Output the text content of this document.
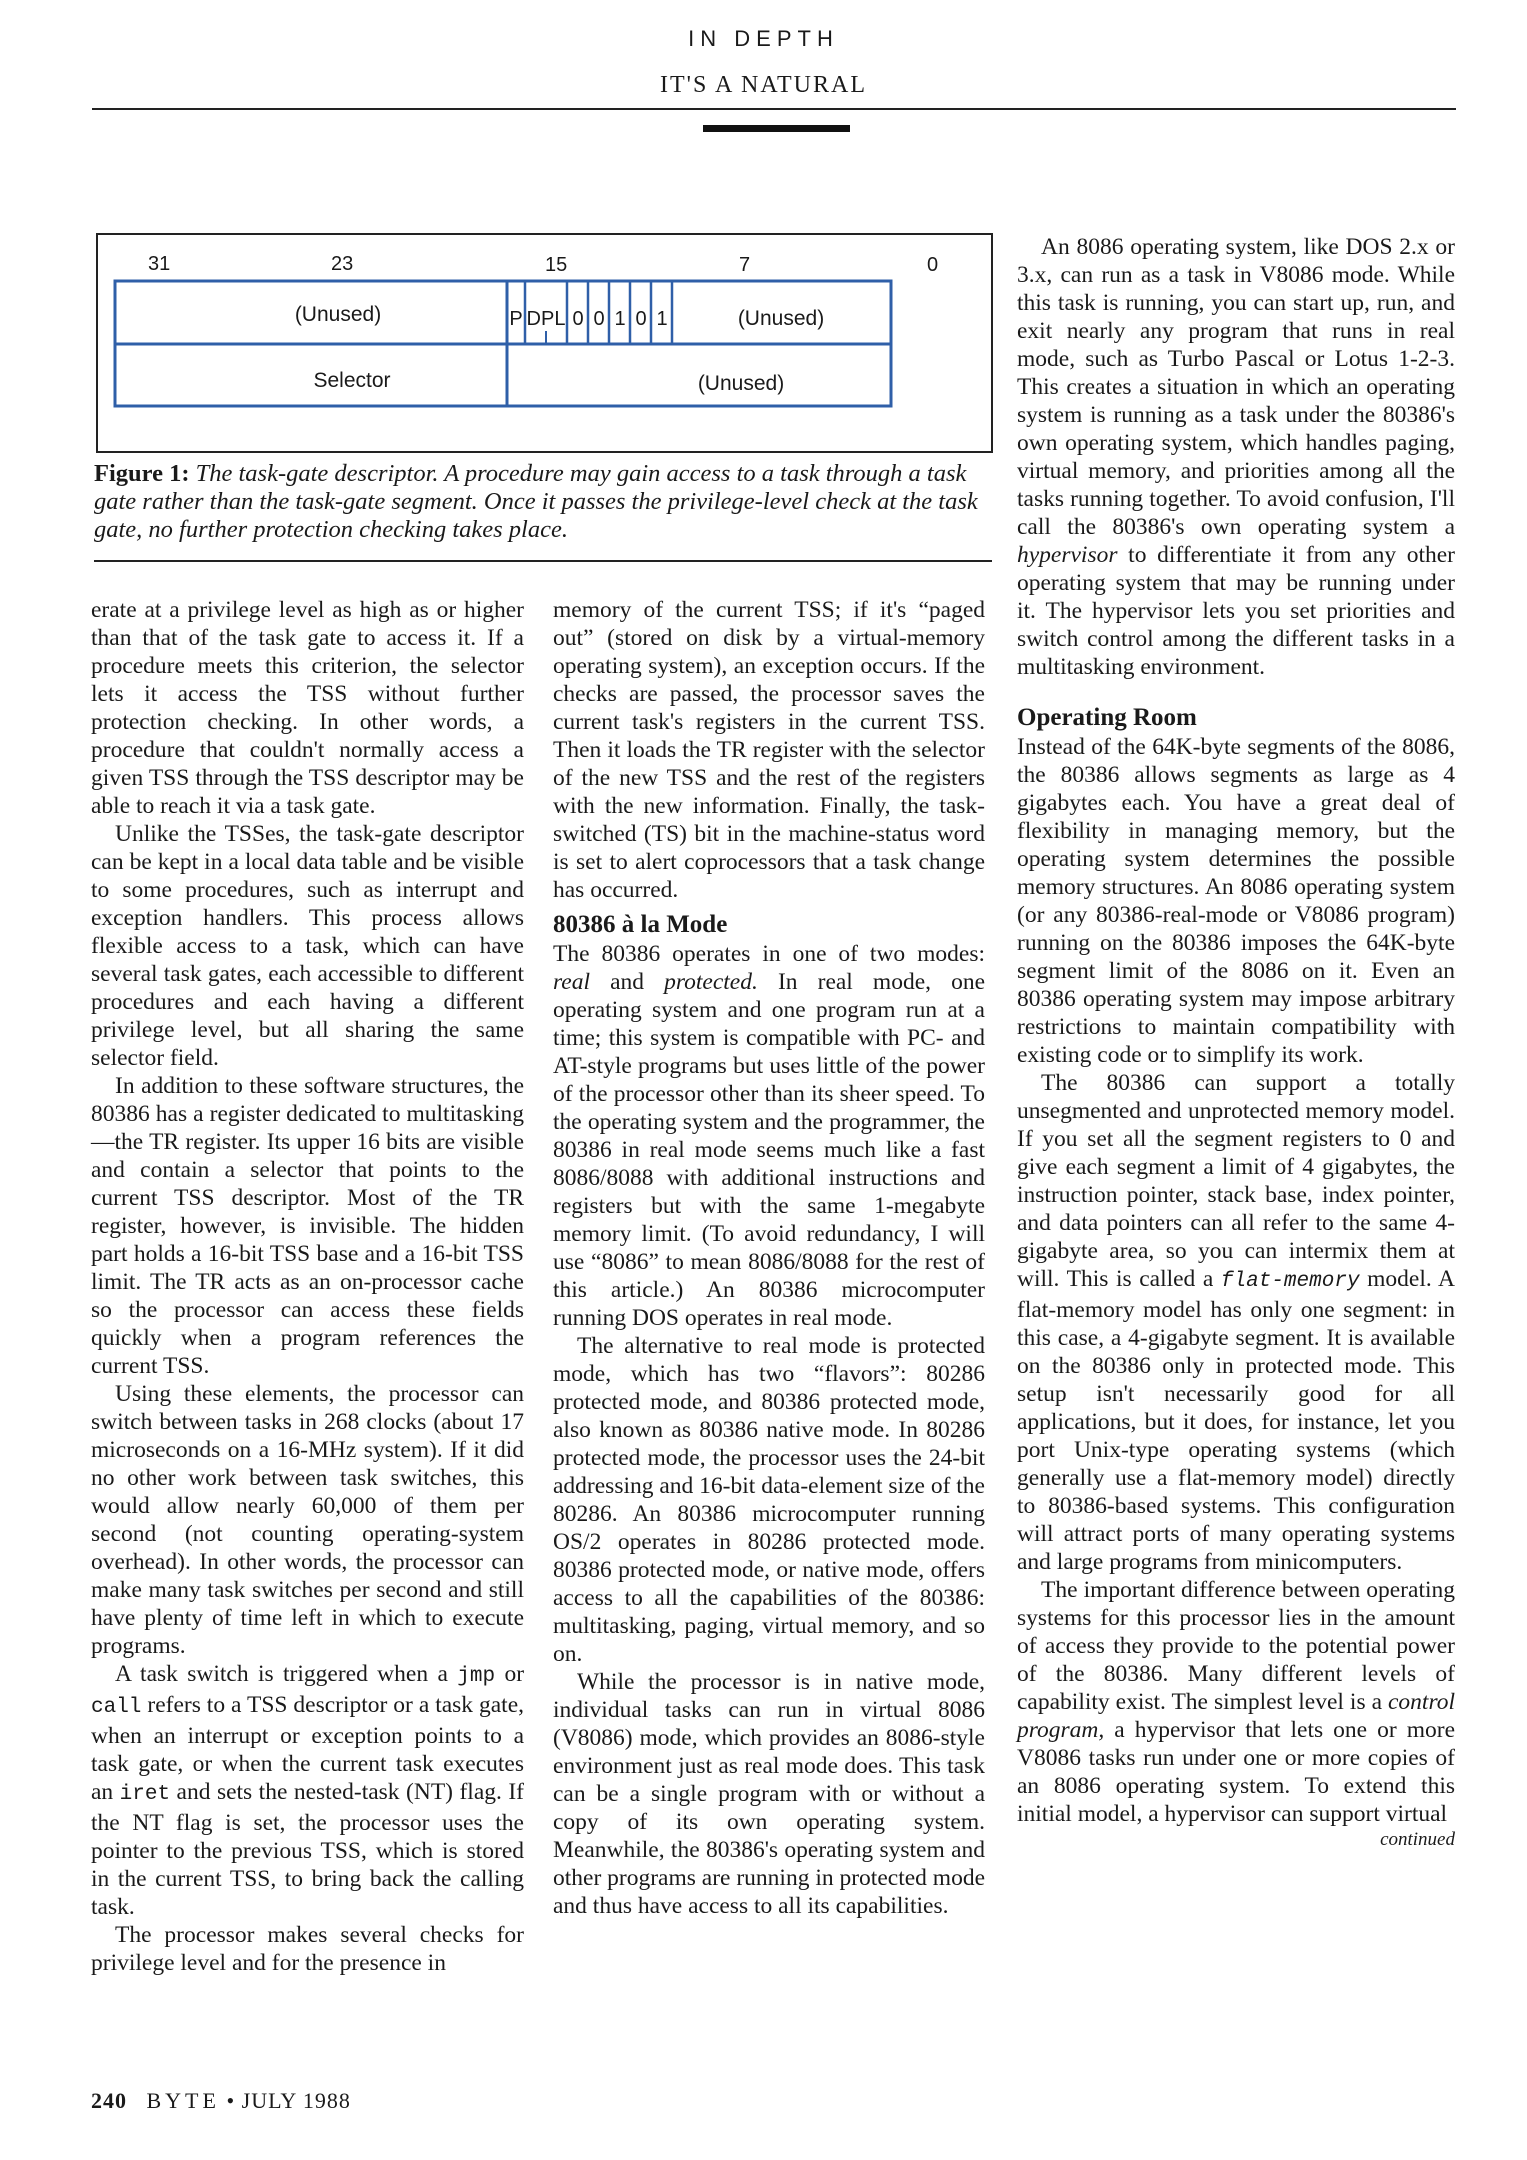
IN DEPTH
IT'S A NATURAL
31	23	15	7	0
(Unused)	P DPL 0 0 1 0 1	(Unused)
Selector	(Unused)
Figure 1: The task-gate descriptor. A procedure may gain access to a task through a task gate rather than the task-gate segment. Once it passes the privilege-level check at the task gate, no further protection checking takes place.

erate at a privilege level as high as or higher than that of the task gate to access it. If a procedure meets this criterion, the selector lets it access the TSS without further protection checking. In other words, a procedure that couldn't normally access a given TSS through the TSS descriptor may be able to reach it via a task gate.

Unlike the TSSes, the task-gate descriptor can be kept in a local data table and be visible to some procedures, such as interrupt and exception handlers. This process allows flexible access to a task, which can have several task gates, each accessible to different procedures and each having a different privilege level, but all sharing the same selector field.

In addition to these software structures, the 80386 has a register dedicated to multitasking—the TR register. Its upper 16 bits are visible and contain a selector that points to the current TSS descriptor. Most of the TR register, however, is invisible. The hidden part holds a 16-bit TSS base and a 16-bit TSS limit. The TR acts as an on-processor cache so the processor can access these fields quickly when a program references the current TSS.

Using these elements, the processor can switch between tasks in 268 clocks (about 17 microseconds on a 16-MHz system). If it did no other work between task switches, this would allow nearly 60,000 of them per second (not counting operating-system overhead). In other words, the processor can make many task switches per second and still have plenty of time left in which to execute programs.

A task switch is triggered when a jmp or call refers to a TSS descriptor or a task gate, when an interrupt or exception points to a task gate, or when the current task executes an iret and sets the nested-task (NT) flag. If the NT flag is set, the processor uses the pointer to the previous TSS, which is stored in the current TSS, to bring back the calling task.

The processor makes several checks for privilege level and for the presence in

memory of the current TSS; if it's “paged out” (stored on disk by a virtual-memory operating system), an exception occurs. If the checks are passed, the processor saves the current task's registers in the current TSS. Then it loads the TR register with the selector of the new TSS and the rest of the registers with the new information. Finally, the task-switched (TS) bit in the machine-status word is set to alert coprocessors that a task change has occurred.

80386 à la Mode

The 80386 operates in one of two modes: real and protected. In real mode, one operating system and one program run at a time; this system is compatible with PC- and AT-style programs but uses little of the power of the processor other than its sheer speed. To the operating system and the programmer, the 80386 in real mode seems much like a fast 8086/8088 with additional instructions and registers but with the same 1-megabyte memory limit. (To avoid redundancy, I will use “8086” to mean 8086/8088 for the rest of this article.) An 80386 microcomputer running DOS operates in real mode.

The alternative to real mode is protected mode, which has two “flavors”: 80286 protected mode, and 80386 protected mode, also known as 80386 native mode. In 80286 protected mode, the processor uses the 24-bit addressing and 16-bit data-element size of the 80286. An 80386 microcomputer running OS/2 operates in 80286 protected mode. 80386 protected mode, or native mode, offers access to all the capabilities of the 80386: multitasking, paging, virtual memory, and so on.

While the processor is in native mode, individual tasks can run in virtual 8086 (V8086) mode, which provides an 8086-style environment just as real mode does. This task can be a single program with or without a copy of its own operating system. Meanwhile, the 80386's operating system and other programs are running in protected mode and thus have access to all its capabilities.

An 8086 operating system, like DOS 2.x or 3.x, can run as a task in V8086 mode. While this task is running, you can start up, run, and exit nearly any program that runs in real mode, such as Turbo Pascal or Lotus 1-2-3. This creates a situation in which an operating system is running as a task under the 80386's own operating system, which handles paging, virtual memory, and priorities among all the tasks running together. To avoid confusion, I'll call the 80386's own operating system a hypervisor to differentiate it from any other operating system that may be running under it. The hypervisor lets you set priorities and switch control among the different tasks in a multitasking environment.

Operating Room

Instead of the 64K-byte segments of the 8086, the 80386 allows segments as large as 4 gigabytes each. You have a great deal of flexibility in managing memory, but the operating system determines the possible memory structures. An 8086 operating system (or any 80386-real-mode or V8086 program) running on the 80386 imposes the 64K-byte segment limit of the 8086 on it. Even an 80386 operating system may impose arbitrary restrictions to maintain compatibility with existing code or to simplify its work.

The 80386 can support a totally unsegmented and unprotected memory model. If you set all the segment registers to 0 and give each segment a limit of 4 gigabytes, the instruction pointer, stack base, index pointer, and data pointers can all refer to the same 4-gigabyte area, so you can intermix them at will. This is called a flat-memory model. A flat-memory model has only one segment: in this case, a 4-gigabyte segment. It is available on the 80386 only in protected mode. This setup isn't necessarily good for all applications, but it does, for instance, let you port Unix-type operating systems (which generally use a flat-memory model) directly to 80386-based systems. This configuration will attract ports of many operating systems and large programs from minicomputers.

The important difference between operating systems for this processor lies in the amount of access they provide to the potential power of the 80386. Many different levels of capability exist. The simplest level is a control program, a hypervisor that lets one or more V8086 tasks run under one or more copies of an 8086 operating system. To extend this initial model, a hypervisor can support virtual

continued

240 BYTE • JULY 1988
